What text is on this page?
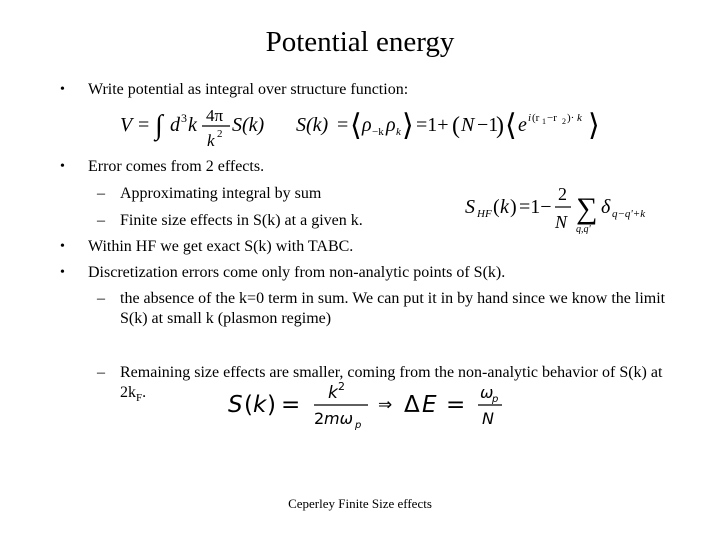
Potential energy
• Write potential as integral over structure function:
V = ∫ d 3 k 4π
k 2 S(k) S(k) = ⟨ ρ −k ρ k ⟩ =1+ ( N −1
) ⟨ e i (r 1 −r 2 )· k ⟩
• Error comes from 2 effects.
– Approximating integral by sum
– Finite size effects in S(k) at a given k.
S HF ( k ) =1−
2
N ∑
q,q'
δ q−q'+k
• Within HF we get exact S(k) with TABC.
• Discretization errors come only from non-analytic points of S(k).
– the absence of the k=0 term in sum. We can put it in by hand since we know the limit S(k) at small k (plasmon regime)
– Remaining size effects are smaller, coming from the non-analytic behavior of S(k) at $2k_F$.	S ( k ) = k 2
2 mω p
⇒ Δ E = ω
p
N
Ceperley Finite Size effects
